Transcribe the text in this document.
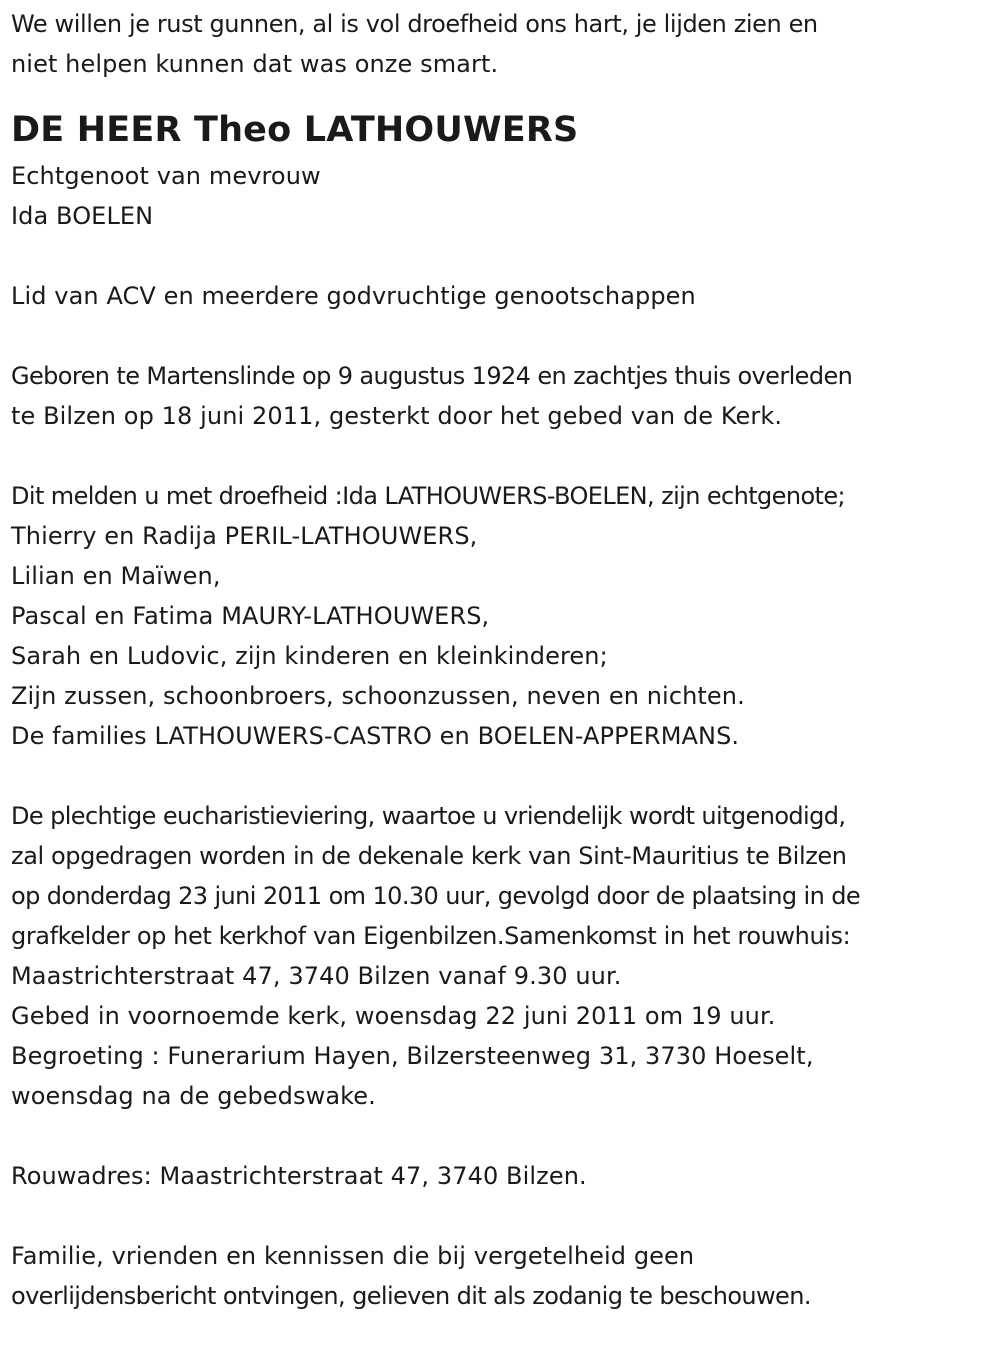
We willen je rust gunnen, al is vol droefheid ons hart, je lijden zien en
niet helpen kunnen dat was onze smart.
DE HEER Theo LATHOUWERS
Echtgenoot van mevrouw
Ida BOELEN
Lid van ACV en meerdere godvruchtige genootschappen
Geboren te Martenslinde op 9 augustus 1924 en zachtjes thuis overleden
te Bilzen op 18 juni 2011, gesterkt door het gebed van de Kerk.
Dit melden u met droefheid :Ida LATHOUWERS-BOELEN, zijn echtgenote;
Thierry en Radija PERIL-LATHOUWERS,
Lilian en Maïwen,
Pascal en Fatima MAURY-LATHOUWERS,
Sarah en Ludovic, zijn kinderen en kleinkinderen;
Zijn zussen, schoonbroers, schoonzussen, neven en nichten.
De families LATHOUWERS-CASTRO en BOELEN-APPERMANS.
De plechtige eucharistieviering, waartoe u vriendelijk wordt uitgenodigd,
zal opgedragen worden in de dekenale kerk van Sint-Mauritius te Bilzen
op donderdag 23 juni 2011 om 10.30 uur, gevolgd door de plaatsing in de
grafkelder op het kerkhof van Eigenbilzen.Samenkomst in het rouwhuis:
Maastrichterstraat 47, 3740 Bilzen vanaf 9.30 uur.
Gebed in voornoemde kerk, woensdag 22 juni 2011 om 19 uur.
Begroeting : Funerarium Hayen, Bilzersteenweg 31, 3730 Hoeselt,
woensdag na de gebedswake.
Rouwadres: Maastrichterstraat 47, 3740 Bilzen.
Familie, vrienden en kennissen die bij vergetelheid geen
overlijdensbericht ontvingen, gelieven dit als zodanig te beschouwen.
